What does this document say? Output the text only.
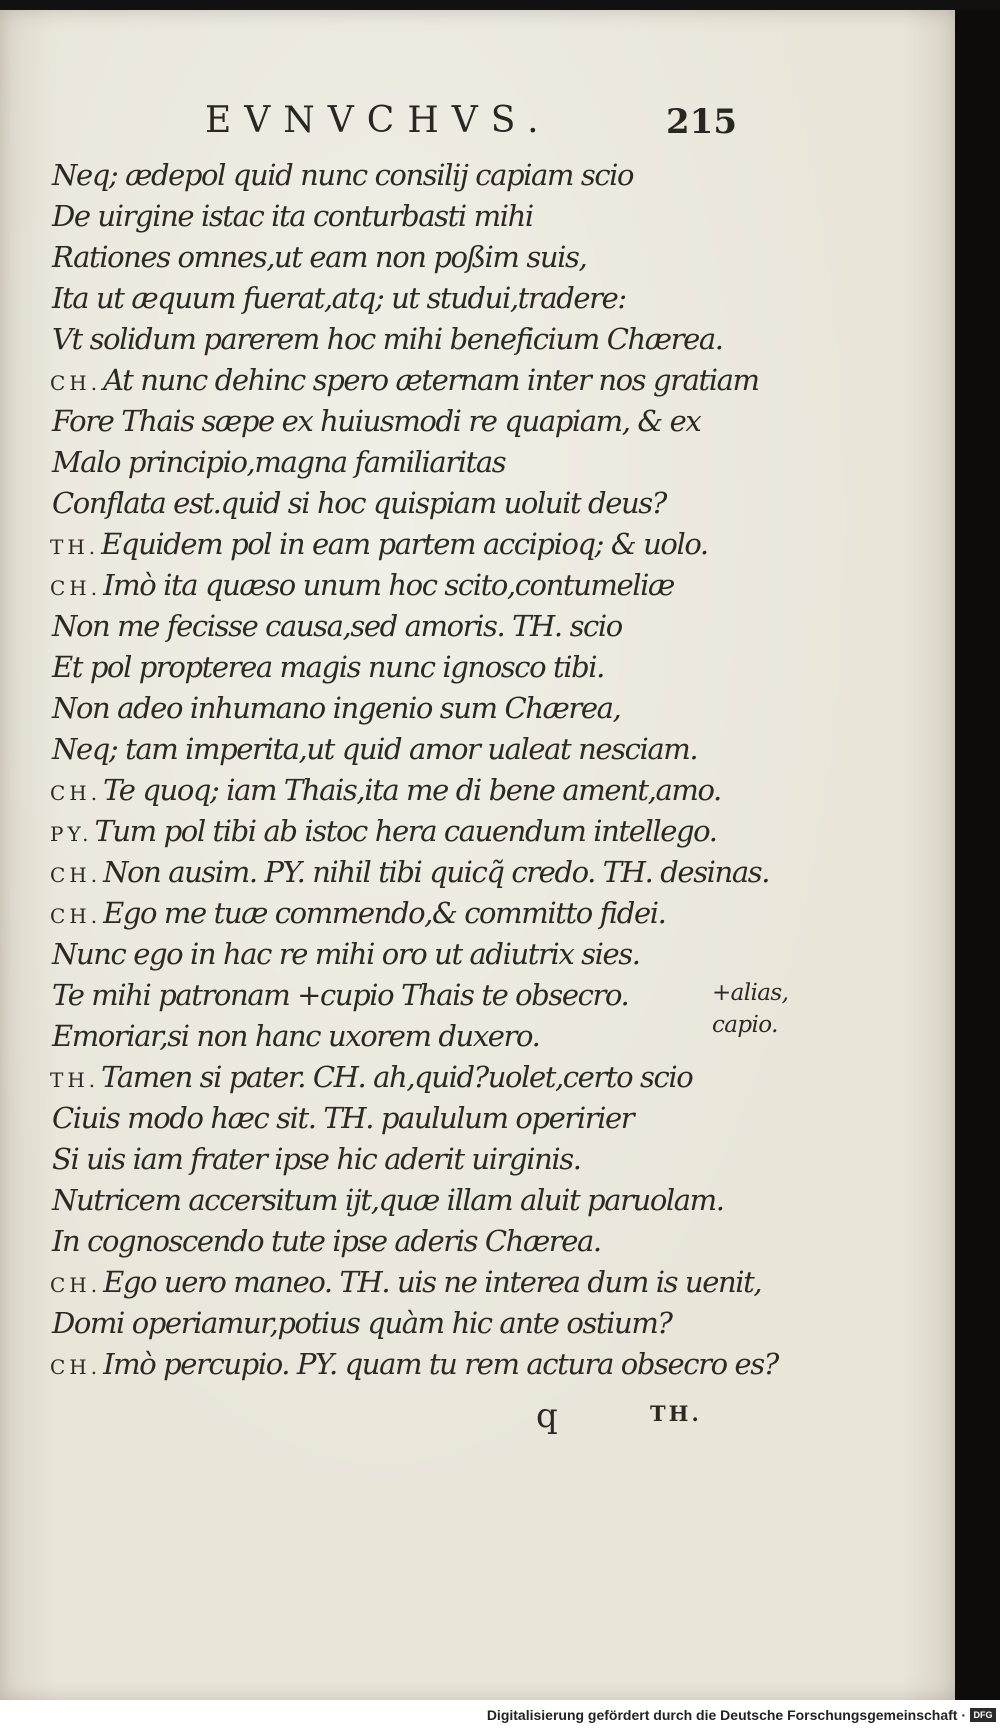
EVNVCHVS.	215
Neq; ædepol quid nunc consilij capiam scio
De uirgine istac ita conturbasti mihi
Rationes omnes,ut eam non poßim suis,
Ita ut æquum fuerat,atq; ut studui,tradere:
Vt solidum parerem hoc mihi beneficium Chærea.
CH.At nunc dehinc spero æternam inter nos gratiam
Fore Thais sæpe ex huiusmodi re quapiam, & ex
Malo principio,magna familiaritas
Conflata est.quid si hoc quispiam uoluit deus?
TH.Equidem pol in eam partem accipioq; & uolo.
CH.Imò ita quæso unum hoc scito,contumeliæ
Non me fecisse causa,sed amoris. TH. scio
Et pol propterea magis nunc ignosco tibi.
Non adeo inhumano ingenio sum Chærea,
Neq; tam imperita,ut quid amor ualeat nesciam.
CH.Te quoq; iam Thais,ita me di bene ament,amo.
PY.Tum pol tibi ab istoc hera cauendum intellego.
CH.Non ausim. PY. nihil tibi quicq̃ credo. TH. desinas.
CH.Ego me tuæ commendo,& committo fidei.
Nunc ego in hac re mihi oro ut adiutrix sies.
Te mihi patronam +cupio Thais te obsecro.
Emoriar,si non hanc uxorem duxero.
TH.Tamen si pater. CH. ah,quid?uolet,certo scio
Ciuis modo hæc sit. TH. paululum operirier
Si uis iam frater ipse hic aderit uirginis.
Nutricem accersitum ijt,quæ illam aluit paruolam.
In cognoscendo tute ipse aderis Chærea.
CH.Ego uero maneo. TH. uis ne interea dum is uenit,
Domi operiamur,potius quàm hic ante ostium?
CH.Imò percupio. PY. quam tu rem actura obsecro es?
+alias,
capio.
q	TH.
Digitalisierung gefördert durch die Deutsche Forschungsgemeinschaft · DFG
